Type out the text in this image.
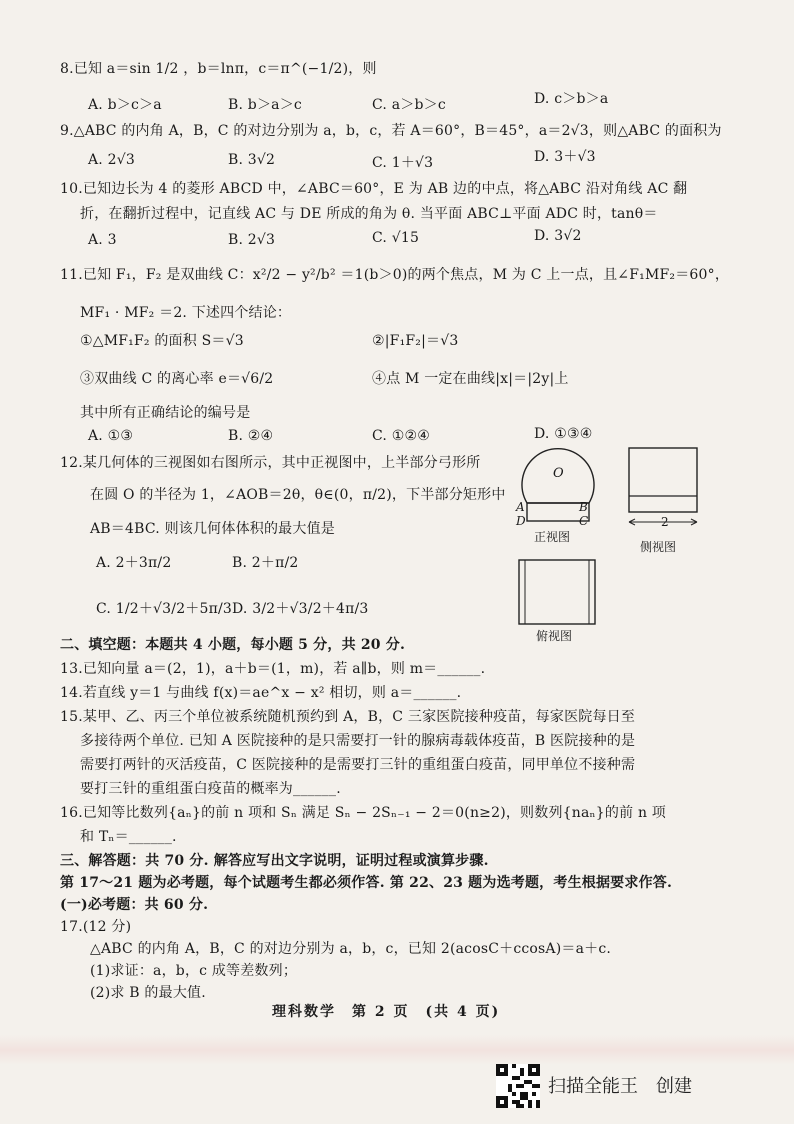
8.已知 a＝sin 1/2 ，b＝lnπ，c＝π^(−1/2)，则
A. b＞c＞a	B. b＞a＞c	C. a＞b＞c	D. c＞b＞a
9.△ABC 的内角 A，B，C 的对边分别为 a，b，c，若 A＝60°，B＝45°，a＝2√3，则△ABC 的面积为
A. 2√3	B. 3√2	C. 1＋√3	D. 3＋√3
10.已知边长为 4 的菱形 ABCD 中，∠ABC＝60°，E 为 AB 边的中点，将△ABC 沿对角线 AC 翻
折，在翻折过程中，记直线 AC 与 DE 所成的角为 θ. 当平面 ABC⊥平面 ADC 时，tanθ＝
A. 3	B. 2√3	C. √15	D. 3√2
11.已知 F₁，F₂ 是双曲线 C：x²/2 − y²/b² ＝1(b＞0)的两个焦点，M 为 C 上一点，且∠F₁MF₂＝60°，
MF₁ · MF₂ ＝2. 下述四个结论：
①△MF₁F₂ 的面积 S＝√3	②|F₁F₂|＝√3
③双曲线 C 的离心率 e＝√6/2	④点 M 一定在曲线|x|＝|2y|上
其中所有正确结论的编号是
A. ①③	B. ②④	C. ①②④	D. ①③④
12.某几何体的三视图如右图所示，其中正视图中，上半部分弓形所
在圆 O 的半径为 1，∠AOB＝2θ，θ∈(0，π/2)，下半部分矩形中
AB＝4BC. 则该几何体体积的最大值是
A. 2＋3π/2	B. 2＋π/2
C. 1/2＋√3/2＋5π/3 D. 3/2＋√3/2＋4π/3
O
A	B
C
D	2
正视图
侧视图
俯视图
二、填空题：本题共 4 小题，每小题 5 分，共 20 分.
13.已知向量 a＝(2，1)，a＋b＝(1，m)，若 a∥b，则 m＝______.
14.若直线 y＝1 与曲线 f(x)＝ae^x − x² 相切，则 a＝______.
15.某甲、乙、丙三个单位被系统随机预约到 A，B，C 三家医院接种疫苗，每家医院每日至
多接待两个单位. 已知 A 医院接种的是只需要打一针的腺病毒载体疫苗，B 医院接种的是
需要打两针的灭活疫苗，C 医院接种的是需要打三针的重组蛋白疫苗，同甲单位不接种需
要打三针的重组蛋白疫苗的概率为______.
16.已知等比数列{aₙ}的前 n 项和 Sₙ 满足 Sₙ − 2Sₙ₋₁ − 2＝0(n≥2)，则数列{naₙ}的前 n 项
和 Tₙ＝______.
三、解答题：共 70 分. 解答应写出文字说明，证明过程或演算步骤.
第 17～21 题为必考题，每个试题考生都必须作答. 第 22、23 题为选考题，考生根据要求作答.
(一)必考题：共 60 分.
17.(12 分)
△ABC 的内角 A，B，C 的对边分别为 a，b，c，已知 2(acosC＋ccosA)＝a＋c.
(1)求证：a，b，c 成等差数列；
(2)求 B 的最大值.
理科数学　第 2 页　(共 4 页)
扫描全能王　创建
